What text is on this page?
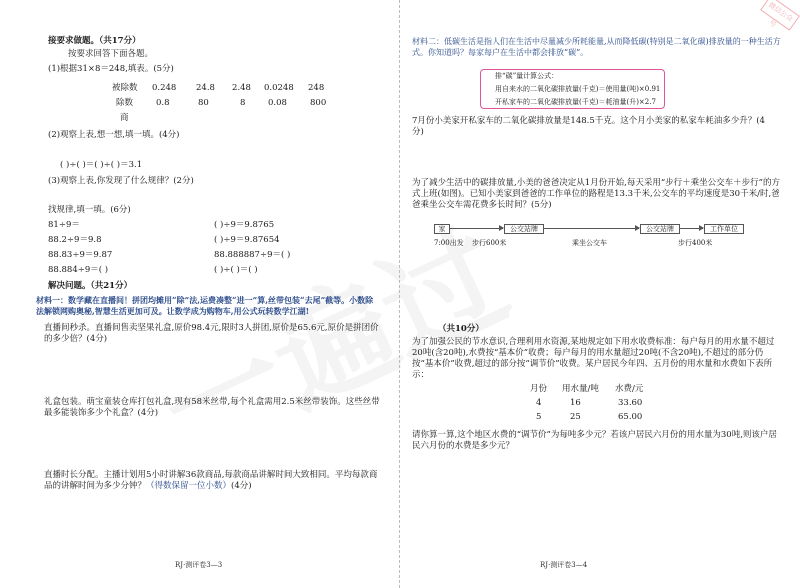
接要求做题。（共17分）
按要求回答下面各题。
(1)根据31×8＝248,填表。(5分)
被除数 0.248 24.8 2.48 0.0248 248
除数	0.8	80	8	0.08	800
商
(2)观察上表,想一想,填一填。(4分)
( )÷( )＝( )÷( )＝3.1
(3)观察上表,你发现了什么规律？(2分)
找规律,填一填。(6分)
81÷9＝
88.2÷9＝9.8
88.83÷9＝9.87
88.884÷9＝( )
( )÷9＝9.8765
( )÷9＝9.87654
88.888887÷9＝( )
( )÷( )＝( )
解决问题。（共21分）
材料一：数学藏在直播间！拼团均摊用“除”法,运费凑整“进一”算,丝带包装“去尾”截等。小数除法解锁网购奥秘,智慧生活更加可及。让数学成为购物车,用公式玩转数学江湖!
直播间秒杀。直播间售卖坚果礼盒,原价98.4元,限时3人拼团,原价是65.6元,原价是拼团价的多少倍？(4分)
礼盒包装。萌宝童装仓库打包礼盒,现有58米丝带,每个礼盒需用2.5米丝带装饰。这些丝带最多能装饰多少个礼盒？(4分)
直播时长分配。主播计划用5小时讲解36款商品,每款商品讲解时间大致相同。平均每款商品的讲解时间为多少分钟？（得数保留一位小数）(4分)
RJ·测评卷3—3
微信公众号
材料二：低碳生活是指人们在生活中尽量减少所耗能量,从而降低碳(特别是二氧化碳)排放量的一种生活方式。你知道吗？每家每户在生活中都会排放“碳”。
排“碳”量计算公式：
用自来水的二氧化碳排放量(千克)＝使用量(吨)×0.91
开私家车的二氧化碳排放量(千克)＝耗油量(升)×2.7
7月份小美家开私家车的二氧化碳排放量是148.5千克。这个月小美家的私家车耗油多少升？(4分)
为了减少生活中的碳排放量,小美的爸爸决定从1月份开始,每天采用“步行＋乘坐公交车＋步行”的方式上班(如图)。已知小美家到爸爸的工作单位的路程是13.3千米,公交车的平均速度是30千米/时,爸爸乘坐公交车需花费多长时间？(5分)
家	公交站牌	公交站牌	工作单位
7:00出发 步行600米	乘坐公交车	步行400米
（共10分）
为了加强公民的节水意识,合理利用水资源,某地规定如下用水收费标准：每户每月的用水量不超过20吨(含20吨),水费按“基本价”收费；每户每月的用水量超过20吨(不含20吨),不超过的部分仍按“基本价”收费,超过的部分按“调节价”收费。某户居民今年四、五月份的用水量和水费如下表所示：
月份 用水量/吨 水费/元
4	16	33.60
5	25	65.00
请你算一算,这个地区水费的“调节价”为每吨多少元？若该户居民六月份的用水量为30吨,则该户居民六月份的水费是多少元？
RJ·测评卷3—4
